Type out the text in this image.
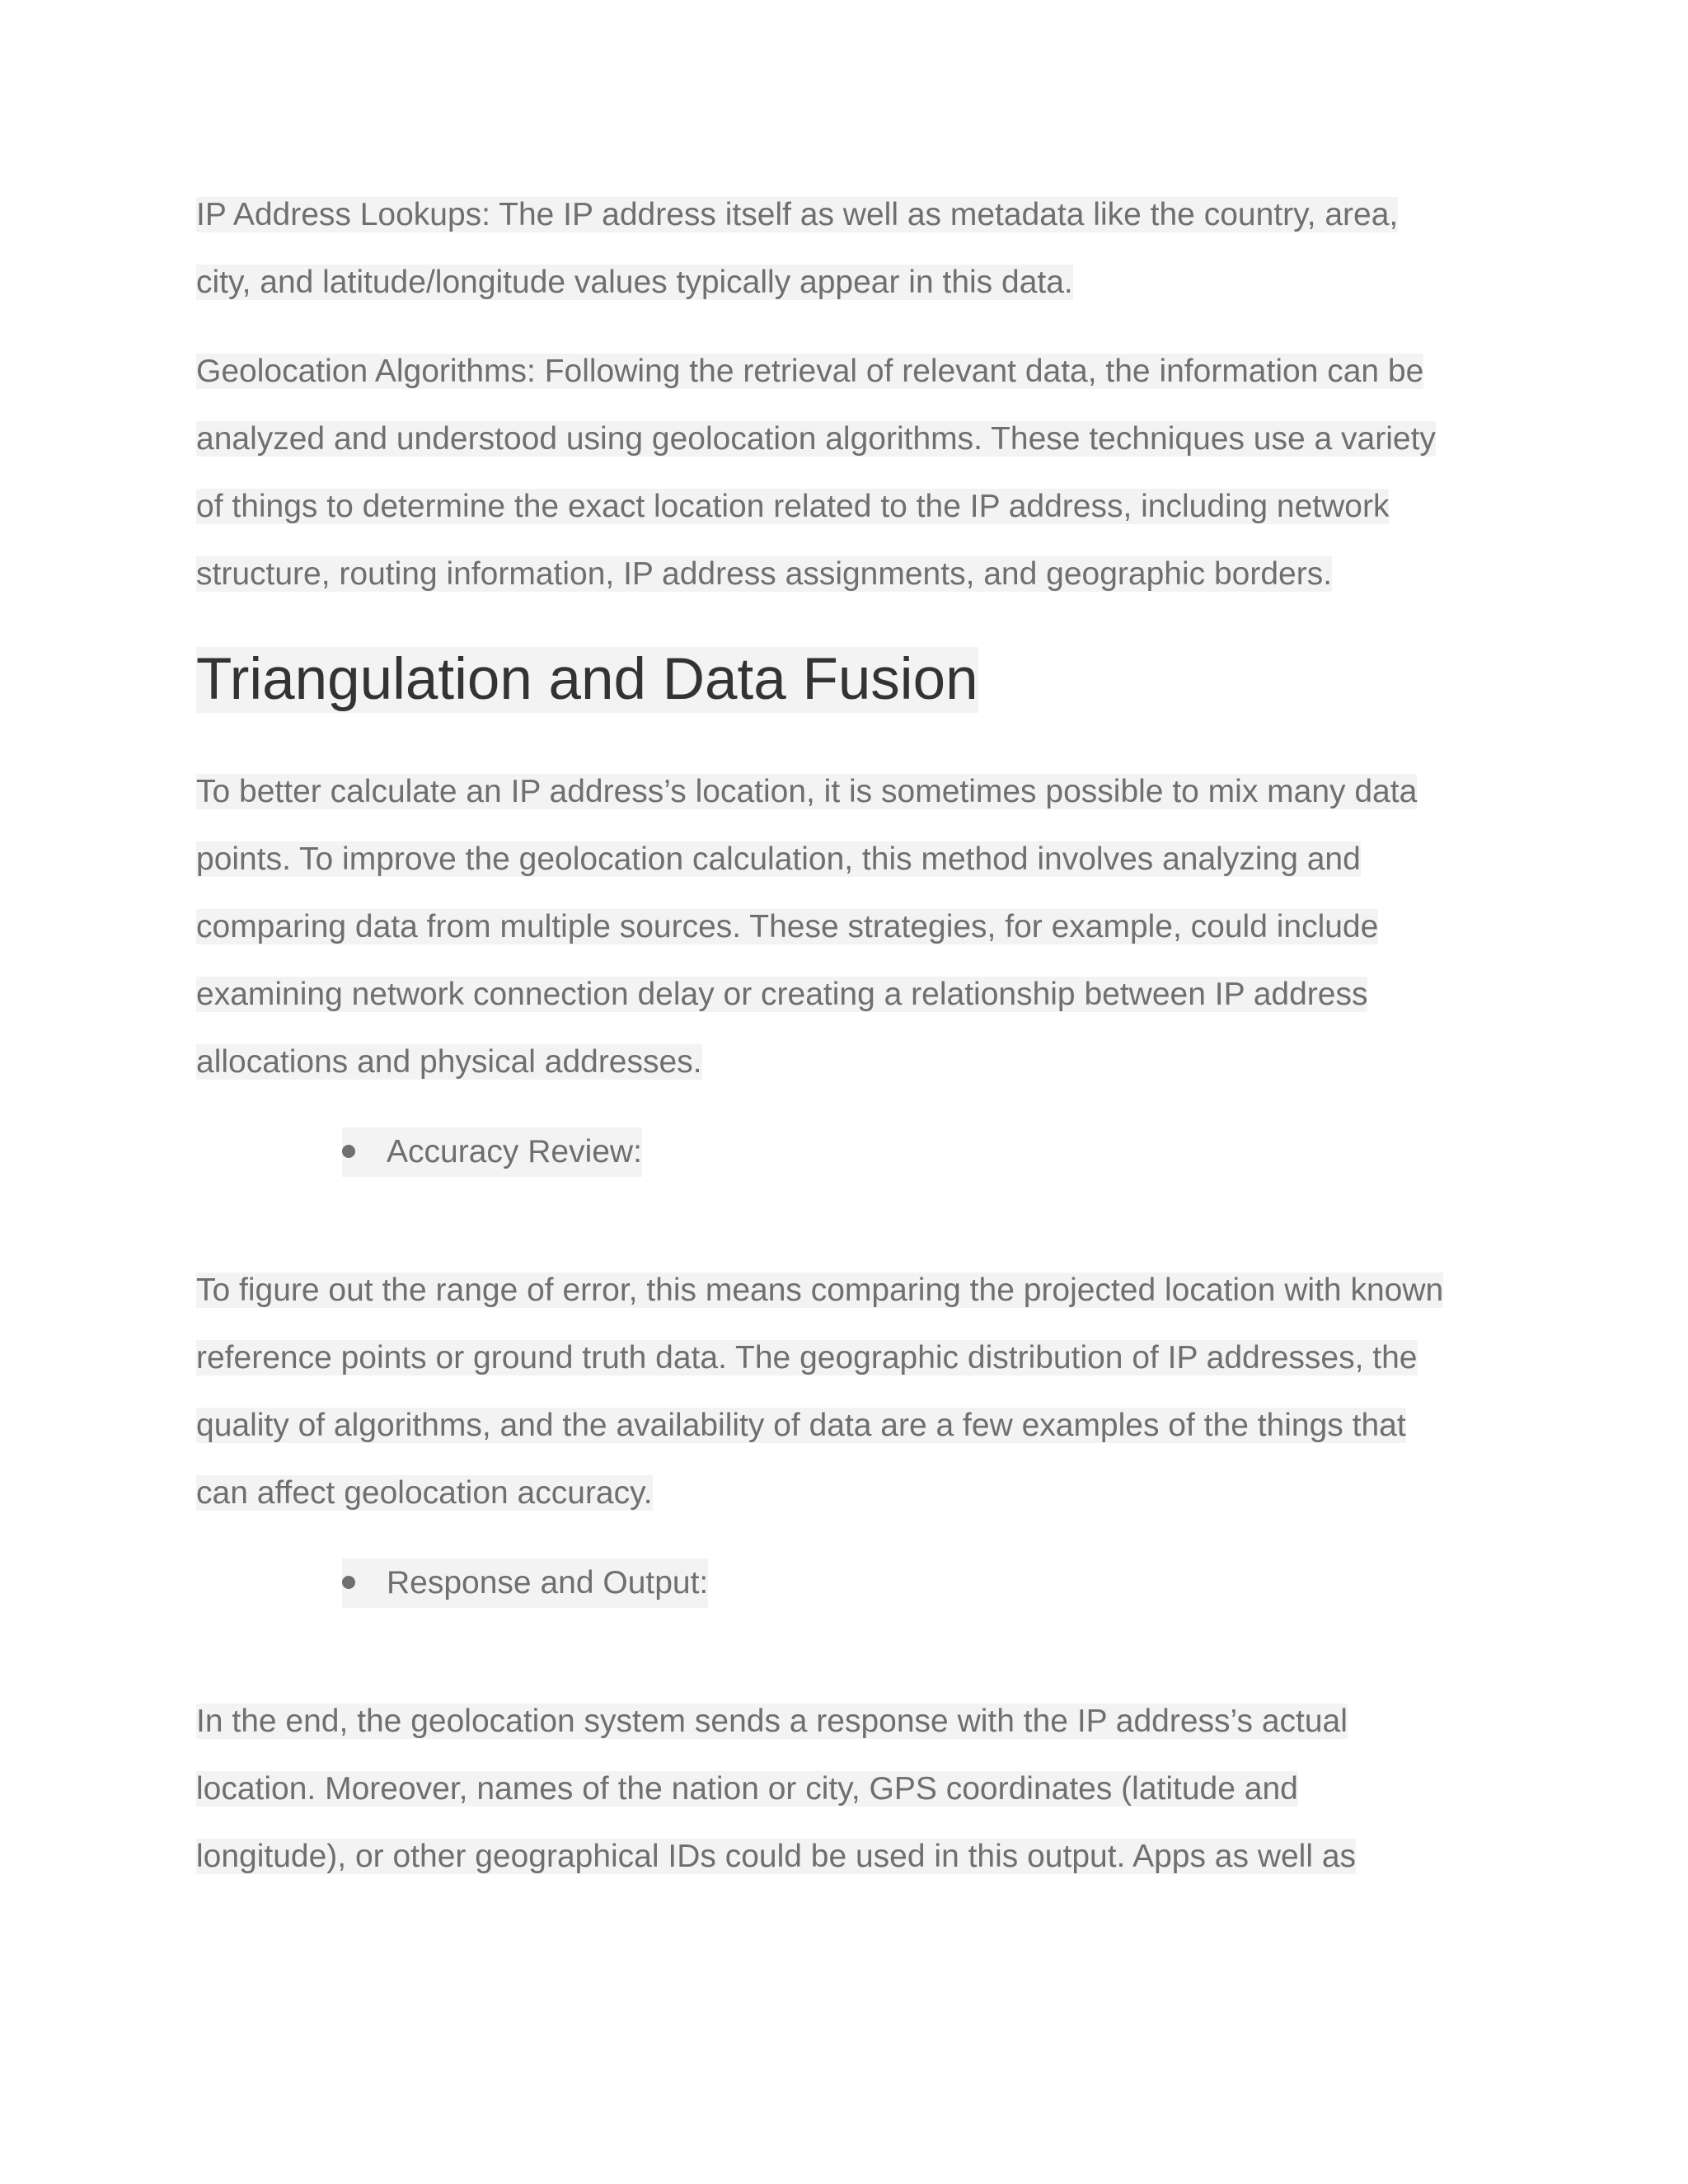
IP Address Lookups: The IP address itself as well as metadata like the country, area,
city, and latitude/longitude values typically appear in this data.
Geolocation Algorithms: Following the retrieval of relevant data, the information can be
analyzed and understood using geolocation algorithms. These techniques use a variety
of things to determine the exact location related to the IP address, including network
structure, routing information, IP address assignments, and geographic borders.
Triangulation and Data Fusion
To better calculate an IP address’s location, it is sometimes possible to mix many data
points. To improve the geolocation calculation, this method involves analyzing and
comparing data from multiple sources. These strategies, for example, could include
examining network connection delay or creating a relationship between IP address
allocations and physical addresses.
Accuracy Review:
To figure out the range of error, this means comparing the projected location with known
reference points or ground truth data. The geographic distribution of IP addresses, the
quality of algorithms, and the availability of data are a few examples of the things that
can affect geolocation accuracy.
Response and Output:
In the end, the geolocation system sends a response with the IP address’s actual
location. Moreover, names of the nation or city, GPS coordinates (latitude and
longitude), or other geographical IDs could be used in this output. Apps as well as
